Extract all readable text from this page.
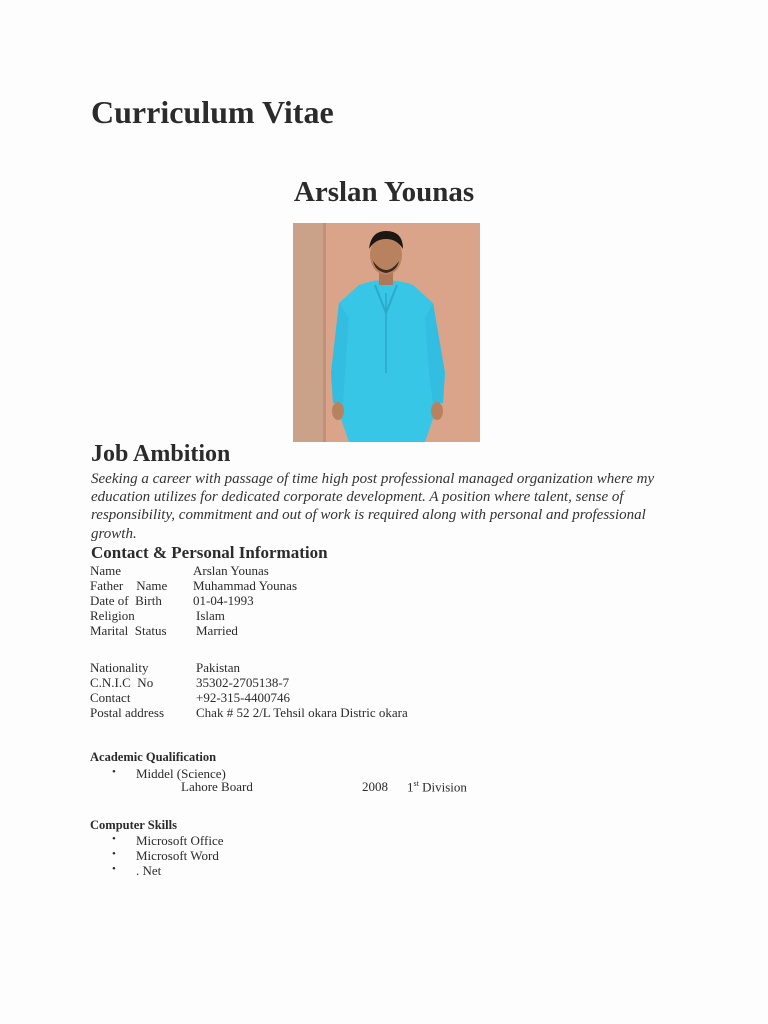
Curriculum Vitae
Arslan Younas
Job Ambition
Seeking a career with passage of time high post professional managed organization where my education utilizes for dedicated corporate development. A position where talent, sense of responsibility, commitment and out of work is required along with personal and professional growth.
Contact & Personal Information
Name	Arslan Younas
Father    Name Muhammad Younas
Date of  Birth 01-04-1993
Religion	Islam
Marital  Status Married
Nationality	Pakistan
C.N.I.C  No	35302-2705138-7
Contact	+92-315-4400746
Postal address Chak # 52 2/L Tehsil okara Distric okara
Academic Qualification
• Middel (Science)
Lahore Board	2008 1st Division
Computer Skills
• Microsoft Office
• Microsoft Word
• . Net
